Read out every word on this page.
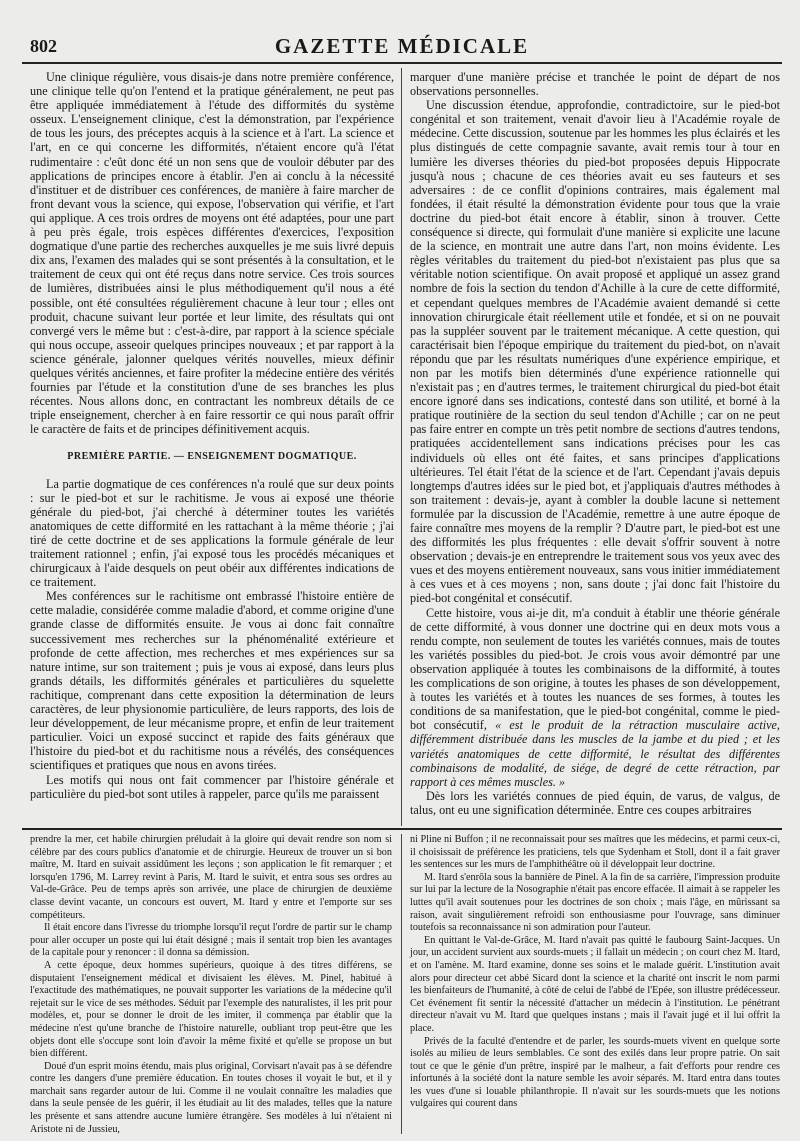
802	GAZETTE MÉDICALE

Une clinique régulière, vous disais-je dans notre première conférence, une clinique telle qu'on l'entend et la pratique généralement, ne peut pas être appliquée immédiatement à l'étude des difformités du système osseux. L'enseignement clinique, c'est la démonstration, par l'expérience de tous les jours, des préceptes acquis à la science et à l'art. La science et l'art, en ce qui concerne les difformités, n'étaient encore qu'à l'état rudimentaire : c'eût donc été un non sens que de vouloir débuter par des applications de principes encore à établir. J'en ai conclu à la nécessité d'instituer et de distribuer ces conférences, de manière à faire marcher de front devant vous la science, qui expose, l'observation qui vérifie, et l'art qui applique. A ces trois ordres de moyens ont été adaptées, pour une part à peu près égale, trois espèces différentes d'exercices, l'exposition dogmatique d'une partie des recherches auxquelles je me suis livré depuis dix ans, l'examen des malades qui se sont présentés à la consultation, et le traitement de ceux qui ont été reçus dans notre service. Ces trois sources de lumières, distribuées ainsi le plus méthodiquement qu'il nous a été possible, ont été consultées régulièrement chacune à leur tour ; elles ont produit, chacune suivant leur portée et leur limite, des résultats qui ont convergé vers le même but : c'est-à-dire, par rapport à la science spéciale qui nous occupe, asseoir quelques principes nouveaux ; et par rapport à la science générale, jalonner quelques vérités nouvelles, mieux définir quelques vérités anciennes, et faire profiter la médecine entière des vérités fournies par l'étude et la constitution d'une de ses branches les plus récentes. Nous allons donc, en contractant les nombreux détails de ce triple enseignement, chercher à en faire ressortir ce qui nous paraît offrir le caractère de faits et de principes définitivement acquis.

PREMIÈRE PARTIE. — ENSEIGNEMENT DOGMATIQUE.

La partie dogmatique de ces conférences n'a roulé que sur deux points : sur le pied-bot et sur le rachitisme. Je vous ai exposé une théorie générale du pied-bot, j'ai cherché à déterminer toutes les variétés anatomiques de cette difformité en les rattachant à la même théorie ; j'ai tiré de cette doctrine et de ses applications la formule générale de leur traitement rationnel ; enfin, j'ai exposé tous les procédés mécaniques et chirurgicaux à l'aide desquels on peut obéir aux différentes indications de ce traitement.

Mes conférences sur le rachitisme ont embrassé l'histoire entière de cette maladie, considérée comme maladie d'abord, et comme origine d'une grande classe de difformités ensuite. Je vous ai donc fait connaître successivement mes recherches sur la phénoménalité extérieure et profonde de cette affection, mes recherches et mes expériences sur sa nature intime, sur son traitement ; puis je vous ai exposé, dans leurs plus grands détails, les difformités générales et particulières du squelette rachitique, comprenant dans cette exposition la détermination de leurs caractères, de leur physionomie particulière, de leurs rapports, des lois de leur développement, de leur mécanisme propre, et enfin de leur traitement particulier. Voici un exposé succinct et rapide des faits généraux que l'histoire du pied-bot et du rachitisme nous a révélés, des conséquences scientifiques et pratiques que nous en avons tirées.

Les motifs qui nous ont fait commencer par l'histoire générale et particulière du pied-bot sont utiles à rappeler, parce qu'ils me paraissent

marquer d'une manière précise et tranchée le point de départ de nos observations personnelles.

Une discussion étendue, approfondie, contradictoire, sur le pied-bot congénital et son traitement, venait d'avoir lieu à l'Académie royale de médecine. Cette discussion, soutenue par les hommes les plus éclairés et les plus distingués de cette compagnie savante, avait remis tour à tour en lumière les diverses théories du pied-bot proposées depuis Hippocrate jusqu'à nous ; chacune de ces théories avait eu ses fauteurs et ses adversaires : de ce conflit d'opinions contraires, mais également mal fondées, il était résulté la démonstration évidente pour tous que la vraie doctrine du pied-bot était encore à établir, sinon à trouver. Cette conséquence si directe, qui formulait d'une manière si explicite une lacune de la science, en montrait une autre dans l'art, non moins évidente. Les règles véritables du traitement du pied-bot n'existaient pas plus que sa véritable notion scientifique. On avait proposé et appliqué un assez grand nombre de fois la section du tendon d'Achille à la cure de cette difformité, et cependant quelques membres de l'Académie avaient demandé si cette innovation chirurgicale était réellement utile et fondée, et si on ne pouvait pas la suppléer souvent par le traitement mécanique. A cette question, qui caractérisait bien l'époque empirique du traitement du pied-bot, on n'avait répondu que par les résultats numériques d'une expérience empirique, et non par les motifs bien déterminés d'une expérience rationnelle qui n'existait pas ; en d'autres termes, le traitement chirurgical du pied-bot était encore ignoré dans ses indications, contesté dans son utilité, et borné à la pratique routinière de la section du seul tendon d'Achille ; car on ne peut pas faire entrer en compte un très petit nombre de sections d'autres tendons, pratiquées accidentellement sans indications précises pour les cas individuels où elles ont été faites, et sans principes d'applications ultérieures. Tel était l'état de la science et de l'art. Cependant j'avais depuis longtemps d'autres idées sur le pied bot, et j'appliquais d'autres méthodes à son traitement : devais-je, ayant à combler la double lacune si nettement formulée par la discussion de l'Académie, remettre à une autre époque de faire connaître mes moyens de la remplir ? D'autre part, le pied-bot est une des difformités les plus fréquentes : elle devait s'offrir souvent à notre observation ; devais-je en entreprendre le traitement sous vos yeux avec des vues et des moyens entièrement nouveaux, sans vous initier immédiatement à ces vues et à ces moyens ; non, sans doute ; j'ai donc fait l'histoire du pied-bot congénital et consécutif.

Cette histoire, vous ai-je dit, m'a conduit à établir une théorie générale de cette difformité, à vous donner une doctrine qui en deux mots vous a rendu compte, non seulement de toutes les variétés connues, mais de toutes les variétés possibles du pied-bot. Je crois vous avoir démontré par une observation appliquée à toutes les combinaisons de la difformité, à toutes les complications de son origine, à toutes les phases de son développement, à toutes les variétés et à toutes les nuances de ses formes, à toutes les conditions de sa manifestation, que le pied-bot congénital, comme le pied-bot consécutif, « est le produit de la rétraction musculaire active, différemment distribuée dans les muscles de la jambe et du pied ; et les variétés anatomiques de cette difformité, le résultat des différentes combinaisons de modalité, de siége, de degré de cette rétraction, par rapport à ces mêmes muscles. »

Dès lors les variétés connues de pied équin, de varus, de valgus, de talus, ont eu une signification déterminée. Entre ces coupes arbitraires

prendre la mer, cet habile chirurgien préludait à la gloire qui devait rendre son nom si célèbre par des cours publics d'anatomie et de chirurgie. Heureux de trouver un si bon maître, M. Itard en suivait assidûment les leçons ; son application le fit remarquer ; et lorsqu'en 1796, M. Larrey revint à Paris, M. Itard le suivit, et entra sous ses ordres au Val-de-Grâce. Peu de temps après son arrivée, une place de chirurgien de deuxième classe devint vacante, un concours est ouvert, M. Itard y entre et l'emporte sur ses compétiteurs.

Il était encore dans l'ivresse du triomphe lorsqu'il reçut l'ordre de partir sur le champ pour aller occuper un poste qui lui était désigné ; mais il sentait trop bien les avantages de la capitale pour y renoncer : il donna sa démission.

A cette époque, deux hommes supérieurs, quoique à des titres différens, se disputaient l'enseignement médical et divisaient les élèves. M. Pinel, habitué à l'exactitude des mathématiques, ne pouvait supporter les variations de la médecine qu'il rejetait sur le vice de ses méthodes. Séduit par l'exemple des naturalistes, il les prit pour modèles, et, pour se donner le droit de les imiter, il commença par établir que la médecine n'est qu'une branche de l'histoire naturelle, oubliant trop peut-être que les objets dont elle s'occupe sont loin d'avoir la même fixité et qu'elle se propose un but bien différent.

Doué d'un esprit moins étendu, mais plus original, Corvisart n'avait pas à se défendre contre les dangers d'une première éducation. En toutes choses il voyait le but, et il y marchait sans regarder autour de lui. Comme il ne voulait connaître les maladies que dans la seule pensée de les guérir, il les étudiait au lit des malades, telles que la nature les présente et sans attendre aucune lumière étrangère. Ses modèles à lui n'étaient ni Aristote ni de Jussieu,

ni Pline ni Buffon ; il ne reconnaissait pour ses maîtres que les médecins, et parmi ceux-ci, il choisissait de préférence les praticiens, tels que Sydenham et Stoll, dont il a fait graver les sentences sur les murs de l'amphithéâtre où il développait leur doctrine.

M. Itard s'enrôla sous la bannière de Pinel. A la fin de sa carrière, l'impression produite sur lui par la lecture de la Nosographie n'était pas encore effacée. Il aimait à se rappeler les luttes qu'il avait soutenues pour les doctrines de son choix ; mais l'âge, en mûrissant sa raison, avait singulièrement refroidi son enthousiasme pour l'ouvrage, sans diminuer toutefois sa reconnaissance ni son admiration pour l'auteur.

En quittant le Val-de-Grâce, M. Itard n'avait pas quitté le faubourg Saint-Jacques. Un jour, un accident survient aux sourds-muets ; il fallait un médecin ; on court chez M. Itard, et on l'amène. M. Itard examine, donne ses soins et le malade guérit. L'institution avait alors pour directeur cet abbé Sicard dont la science et la charité ont inscrit le nom parmi les bienfaiteurs de l'humanité, à côté de celui de l'abbé de l'Epée, son illustre prédécesseur. Cet événement fit sentir la nécessité d'attacher un médecin à l'institution. Le pénétrant directeur n'avait vu M. Itard que quelques instans ; mais il l'avait jugé et il lui offrit la place.

Privés de la faculté d'entendre et de parler, les sourds-muets vivent en quelque sorte isolés au milieu de leurs semblables. Ce sont des exilés dans leur propre patrie. On sait tout ce que le génie d'un prêtre, inspiré par le malheur, a fait d'efforts pour rendre ces infortunés à la société dont la nature semble les avoir séparés. M. Itard entra dans toutes les vues d'une si louable philanthropie. Il n'avait sur les sourds-muets que les notions vulgaires qui courent dans
